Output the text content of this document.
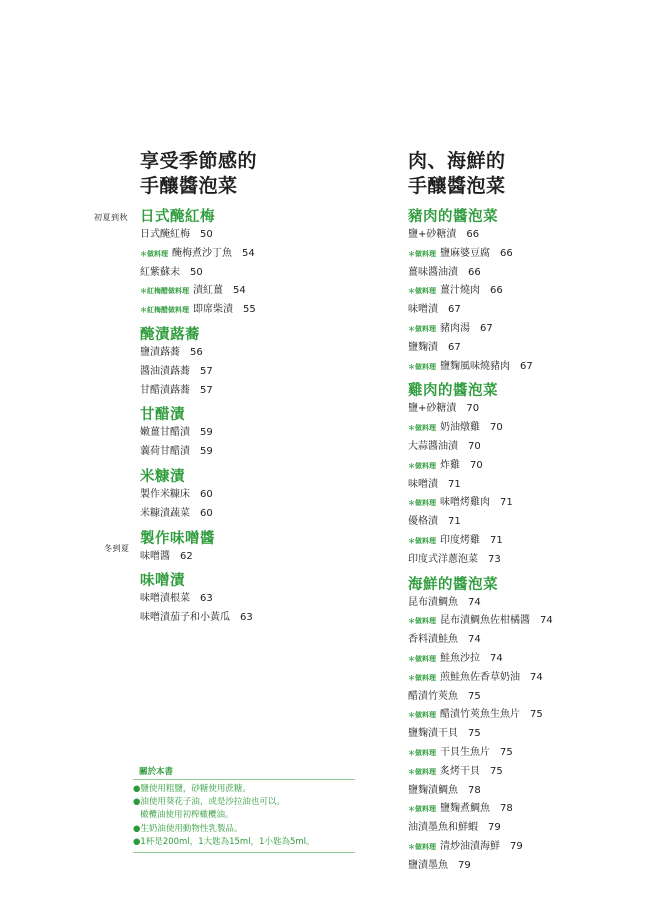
享受季節感的
手釀醬泡菜
肉、海鮮的
手釀醬泡菜
初夏到秋
冬到夏
日式醃紅梅
日式醃紅梅 50
＊做料理 醃梅煮沙丁魚 54
紅紫蘇末 50
＊紅梅醋做料理 漬紅薑 54
＊紅梅醋做料理 即席柴漬 55
醃漬蕗蕎
鹽漬蕗蕎 56
醬油漬蕗蕎 57
甘醋漬蕗蕎 57
甘醋漬
嫩薑甘醋漬 59
蘘荷甘醋漬 59
米糠漬
製作米糠床 60
米糠漬蔬菜 60
製作味噌醬
味噌醬 62
味噌漬
味噌漬根菜 63
味噌漬茄子和小黃瓜 63
豬肉的醬泡菜
鹽+砂糖漬 66
＊做料理 鹽麻婆豆腐 66
薑味醬油漬 66
＊做料理 薑汁燒肉 66
味噌漬 67
＊做料理 豬肉湯 67
鹽麴漬 67
＊做料理 鹽麴風味燒豬肉 67
雞肉的醬泡菜
鹽+砂糖漬 70
＊做料理 奶油燉雞 70
大蒜醬油漬 70
＊做料理 炸雞 70
味噌漬 71
＊做料理 味噌烤雞肉 71
優格漬 71
＊做料理 印度烤雞 71
印度式洋蔥泡菜 73
海鮮的醬泡菜
昆布漬鯛魚 74
＊做料理 昆布漬鯛魚佐柑橘醬 74
香料漬鮭魚 74
＊做料理 鮭魚沙拉 74
＊做料理 煎鮭魚佐香草奶油 74
醋漬竹莢魚 75
＊做料理 醋漬竹莢魚生魚片 75
鹽麴漬干貝 75
＊做料理 干貝生魚片 75
＊做料理 炙烤干貝 75
鹽麴漬鯛魚 78
＊做料理 鹽麴煮鯛魚 78
油漬墨魚和鮮蝦 79
＊做料理 清炒油漬海鮮 79
鹽漬墨魚 79
關於本書
●鹽使用粗鹽，砂糖使用蔗糖。
●油使用葵花子油，或是沙拉油也可以。
橄欖油使用初榨橄欖油。
●生奶油使用動物性乳製品。
●1杯是200ml，1大匙為15ml，1小匙為5ml。
